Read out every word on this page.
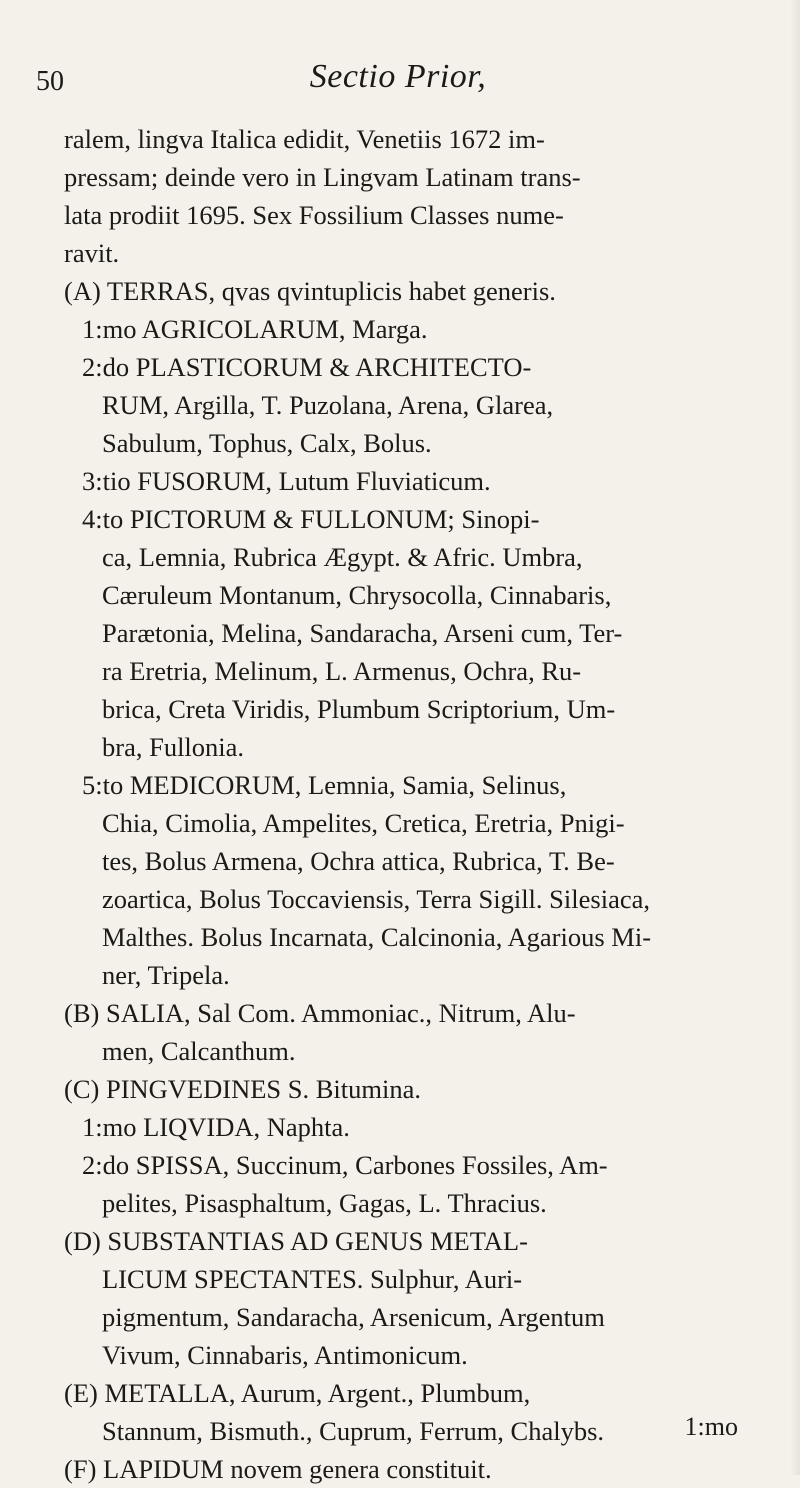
50	Sectio Prior,
ralem, lingva Italica edidit, Venetiis 1672 im-
pressam; deinde vero in Lingvam Latinam trans-
lata prodiit 1695. Sex Fossilium Classes nume-
ravit.
(A) TERRAS, qvas qvintuplicis habet generis.
1:mo AGRICOLARUM, Marga.
2:do PLASTICORUM & ARCHITECTO-
RUM, Argilla, T. Puzolana, Arena, Glarea,
Sabulum, Tophus, Calx, Bolus.
3:tio FUSORUM, Lutum Fluviaticum.
4:to PICTORUM & FULLONUM; Sinopi-
ca, Lemnia, Rubrica Ægypt. & Afric. Umbra,
Cæruleum Montanum, Chrysocolla, Cinnabaris,
Parætonia, Melina, Sandaracha, Arseni cum, Ter-
ra Eretria, Melinum, L. Armenus, Ochra, Ru-
brica, Creta Viridis, Plumbum Scriptorium, Um-
bra, Fullonia.
5:to MEDICORUM, Lemnia, Samia, Selinus,
Chia, Cimolia, Ampelites, Cretica, Eretria, Pnigi-
tes, Bolus Armena, Ochra attica, Rubrica, T. Be-
zoartica, Bolus Toccaviensis, Terra Sigill. Silesiaca,
Malthes. Bolus Incarnata, Calcinonia, Agarious Mi-
ner, Tripela.
(B) SALIA, Sal Com. Ammoniac., Nitrum, Alu-
men, Calcanthum.
(C) PINGVEDINES S. Bitumina.
1:mo LIQVIDA, Naphta.
2:do SPISSA, Succinum, Carbones Fossiles, Am-
pelites, Pisasphaltum, Gagas, L. Thracius.
(D) SUBSTANTIAS AD GENUS METAL-
LICUM SPECTANTES. Sulphur, Auri-
pigmentum, Sandaracha, Arsenicum, Argentum
Vivum, Cinnabaris, Antimonicum.
(E) METALLA, Aurum, Argent., Plumbum,
Stannum, Bismuth., Cuprum, Ferrum, Chalybs.
(F) LAPIDUM novem genera constituit.
1:mo
